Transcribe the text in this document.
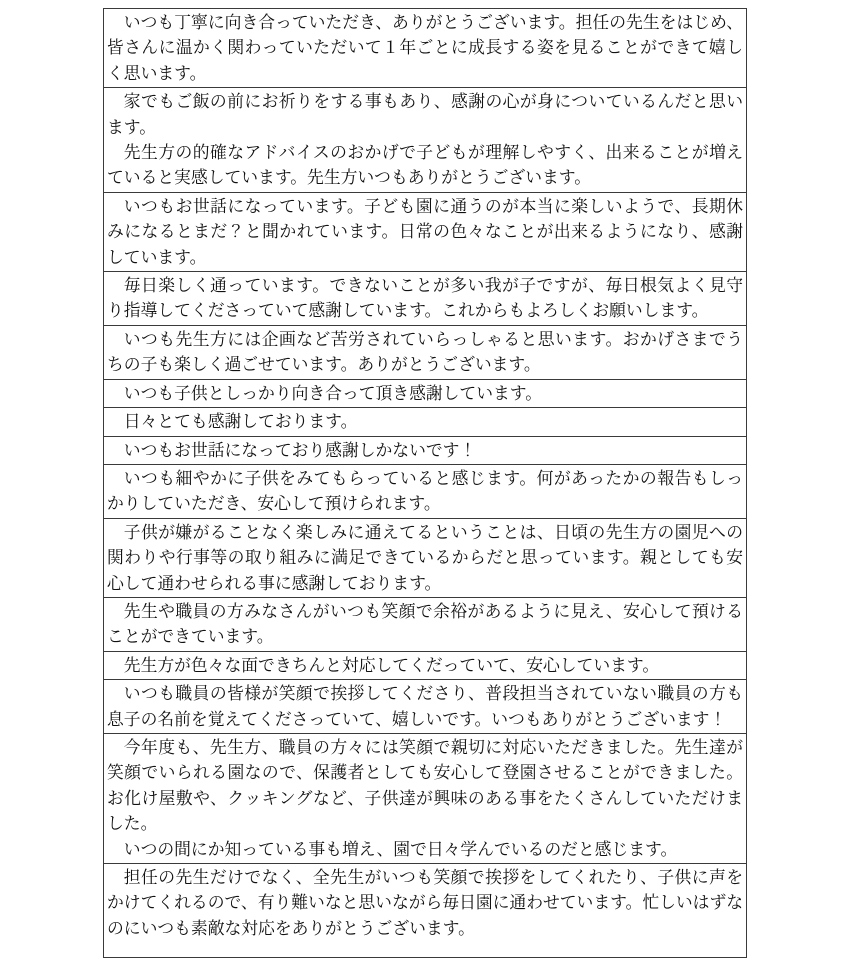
いつも丁寧に向き合っていただき、ありがとうございます。担任の先生をはじめ、皆さんに温かく関わっていただいて１年ごとに成長する姿を見ることができて嬉しく思います。

家でもご飯の前にお祈りをする事もあり、感謝の心が身についているんだと思います。

先生方の的確なアドバイスのおかげで子どもが理解しやすく、出来ることが増えていると実感しています。先生方いつもありがとうございます。

いつもお世話になっています。子ども園に通うのが本当に楽しいようで、長期休みになるとまだ？と聞かれています。日常の色々なことが出来るようになり、感謝しています。

毎日楽しく通っています。できないことが多い我が子ですが、毎日根気よく見守り指導してくださっていて感謝しています。これからもよろしくお願いします。

いつも先生方には企画など苦労されていらっしゃると思います。おかげさまでうちの子も楽しく過ごせています。ありがとうございます。

いつも子供としっかり向き合って頂き感謝しています。

日々とても感謝しております。

いつもお世話になっており感謝しかないです！

いつも細やかに子供をみてもらっていると感じます。何があったかの報告もしっかりしていただき、安心して預けられます。

子供が嫌がることなく楽しみに通えてるということは、日頃の先生方の園児への関わりや行事等の取り組みに満足できているからだと思っています。親としても安心して通わせられる事に感謝しております。

先生や職員の方みなさんがいつも笑顔で余裕があるように見え、安心して預けることができています。

先生方が色々な面できちんと対応してくだっていて、安心しています。

いつも職員の皆様が笑顔で挨拶してくださり、普段担当されていない職員の方も息子の名前を覚えてくださっていて、嬉しいです。いつもありがとうございます！

今年度も、先生方、職員の方々には笑顔で親切に対応いただきました。先生達が笑顔でいられる園なので、保護者としても安心して登園させることができました。お化け屋敷や、クッキングなど、子供達が興味のある事をたくさんしていただけました。

いつの間にか知っている事も増え、園で日々学んでいるのだと感じます。

担任の先生だけでなく、全先生がいつも笑顔で挨拶をしてくれたり、子供に声をかけてくれるので、有り難いなと思いながら毎日園に通わせています。忙しいはずなのにいつも素敵な対応をありがとうございます。
